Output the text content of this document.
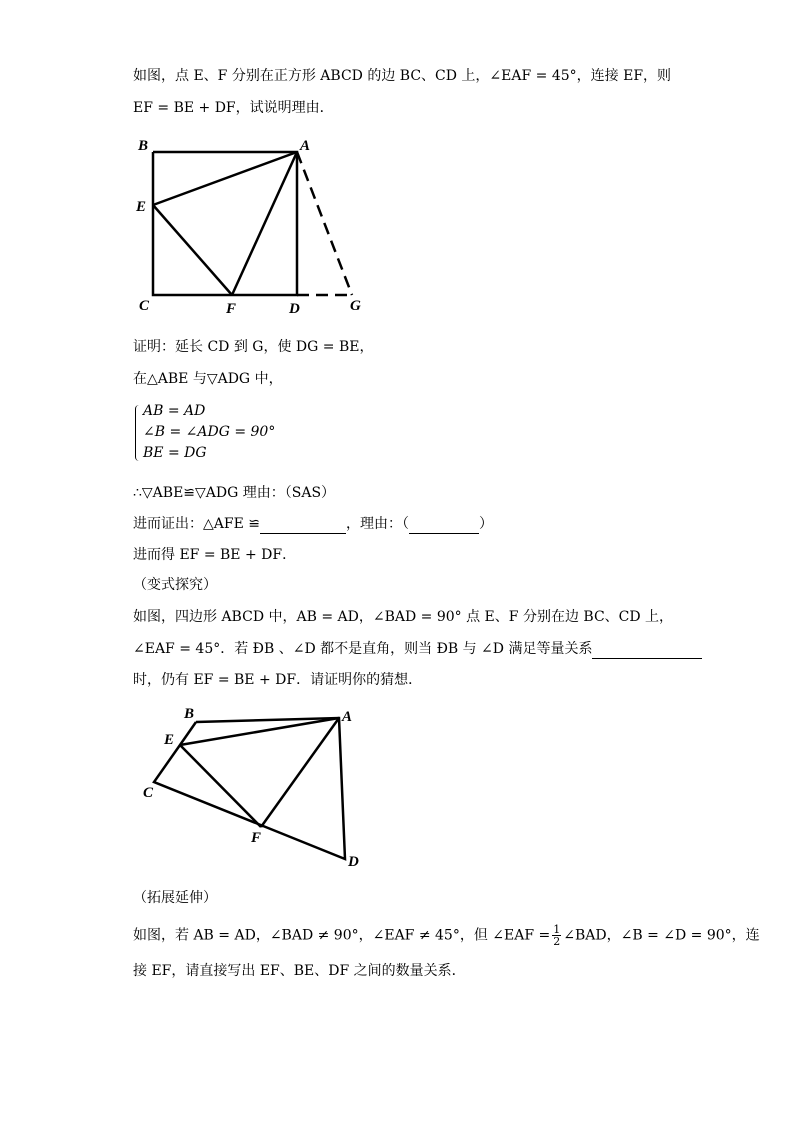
如图，点 E、F 分别在正方形 ABCD 的边 BC、CD 上，∠EAF = 45°，连接 EF，则
EF = BE + DF，试说明理由．
B	A
E
C	F	D	G
证明：延长 CD 到 G，使 DG = BE，
在△ABE 与▽ADG 中，
AB = AD
∠B = ∠ADG = 90°
BE = DG
∴▽ABE≌▽ADG 理由：（SAS）
进而证出：△AFE ≌	，理由：（	）
进而得 EF = BE + DF．
（变式探究）
如图，四边形 ABCD 中，AB = AD，∠BAD = 90° 点 E、F 分别在边 BC、CD 上，
∠EAF = 45°．若 ÐB 、∠D 都不是直角，则当 ÐB 与 ∠D 满足等量关系
时，仍有 EF = BE + DF．请证明你的猜想．
B	A
E
C
F
D
（拓展延伸）
如图，若 AB = AD，∠BAD ≠ 90°，∠EAF ≠ 45°，但 ∠EAF = $\frac{1}{2}$ ∠BAD，∠B = ∠D = 90°，连
接 EF，请直接写出 EF、BE、DF 之间的数量关系．
